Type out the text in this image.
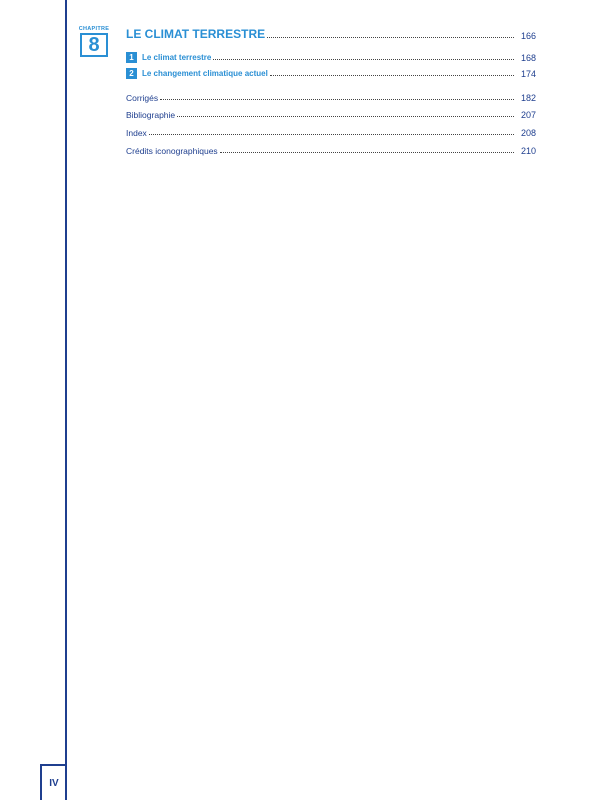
CHAPITRE
8	LE CLIMAT TERRESTRE	166
1 Le climat terrestre	168
2 Le changement climatique actuel	174
Corrigés	182
Bibliographie	207
Index	208
Crédits iconographiques	210
IV
